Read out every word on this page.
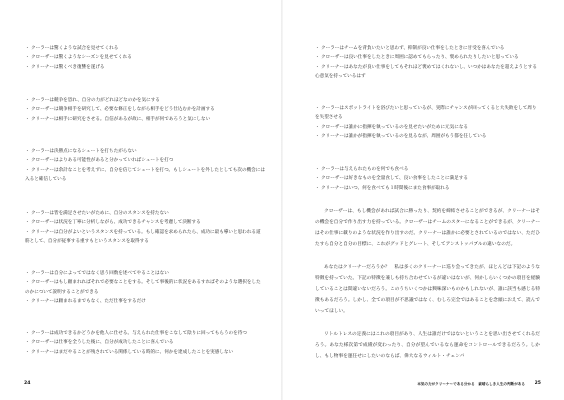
・クーラーは驚くような試合を見せてくれる
・クローザーは驚くようなシーズンを見せてくれる
・クリーナーは驚くべき復讐を遂げる
・クーラーは競争を恐れ、自分の力がどれほどなのかを気にする
・クローザーは競争相手を研究して、必要な修正をしながら相手をどう仕込むかを計画する
・クリーナーは相手に研究をさせる。自信があるが故に、相手が何であろうと気にしない
・クーラーは決勝点になるシュートを打ちたがらない
・クローザーはよりある可能性があると分かっていればシュートを打つ
・クリーナーは余計なことを考えずに、自分を信じてシュートを打つ。もしシュートを外したとしても次の機会には入ると確信している
・クーラーは皆を満足させたいがために、自分のスタンスを持たない
・クローザーは状況を丁寧に分析しながら、成功できるチャンスを考慮して決断する
・クリーナーは自分がよいというスタンスを持っている。もし確認を求められたら、成功に最も導いと思われる道筋として、自分が従事する重すもというスタンスを取得する
・クーラーは自分によってではなく思う回数を述べてやることはない
・クローザーはもし頼まれればそれで必要なことをする。そして事後的に状況をあるすればそのような選択をしたのかについて説明することができる
・クリーナーは頼まれるまでもなく、ただ仕事をするだけ
・クーラーは成功できるかどうかを他人に仕せる。与えられた仕事をこなして陰りに回ってもらうのを待つ
・クローザーは仕事を全うした後に、自分が成功したことに喜んでいる
・クリーナーはまだやることが残されている関係している時的に、何かを達成したことを実感しない
24
・クーラーはチームを背負いたいと思わず、抑制が良い仕事をしたときに甘受を喜んでいる
・クローザーは良い仕事をしたときに周囲に認めてもらったり、褒められたりしたいと思っている
・クリーナーはあなたが良い仕事をしてもそれほど褒めてはくれないし、いつかはあなたを超えようとする心意気を持っているはず
・クーラーはスポットライトを浴びたいと思っているが、実際にチャンスが回ってくると大失敗をして周りを失望させる
・クローザーは誰かに指揮を執っているのを見せたいがために元気になる
・クリーナーは誰かが指揮を執っているのを見るなが、周囲がもう都を任している
・クーラーは与えられたものを何でも食べる
・クローザーは好きなものを全量食して、良い食事をしたことに満足する
・クリーナーはいつ、何を食べても１時間後にまた食事が取れる

クローザーは、もし機会があれば試合に勝ったり、契約を締結させることができるが、クリーナーはその機会を自分で作り出す力を持っている。クローザーはチームのスターになることができるが、クリーナーはその仕事に載りのような状況を作り出すのだ。クリーナーは誰かに必要とされているのではない、ただひたすら自分と自分の目標に、これがグッドとグレート、そしてアンストッパブルの違いなのだ。

あなたはクリーナーだろうか？　私は多くのクリーナーに巡り会ってきたが、ほとんどは下記のような特徴を持っていた。下記の特徴を兼しも持ち合わせているが違いはないが、何かしらいくつかの項目を経験していることは間違いないだろう。このうちいくつかは興味深いものかもしれないが、誰に該当も感じる特徴もあるだろう。しかし、全ての項目が不思議ではなく、むしろ完全ではあることを念頭におえて、読んでいってほしい。

リトルトレスの定義にはこれの項目があり、人生は誰だけではないということを思い出させてくれるだろう。あなた様次第で成績が変わったり、自分が望んでいるなら運命をコントロールできるだろう。しかし、もし物事を運任せにしたいのならば、偉大なるウィルト・チェンバ

本気の力がクリーナーである分かる　素晴らしき人生の判断がある 25
